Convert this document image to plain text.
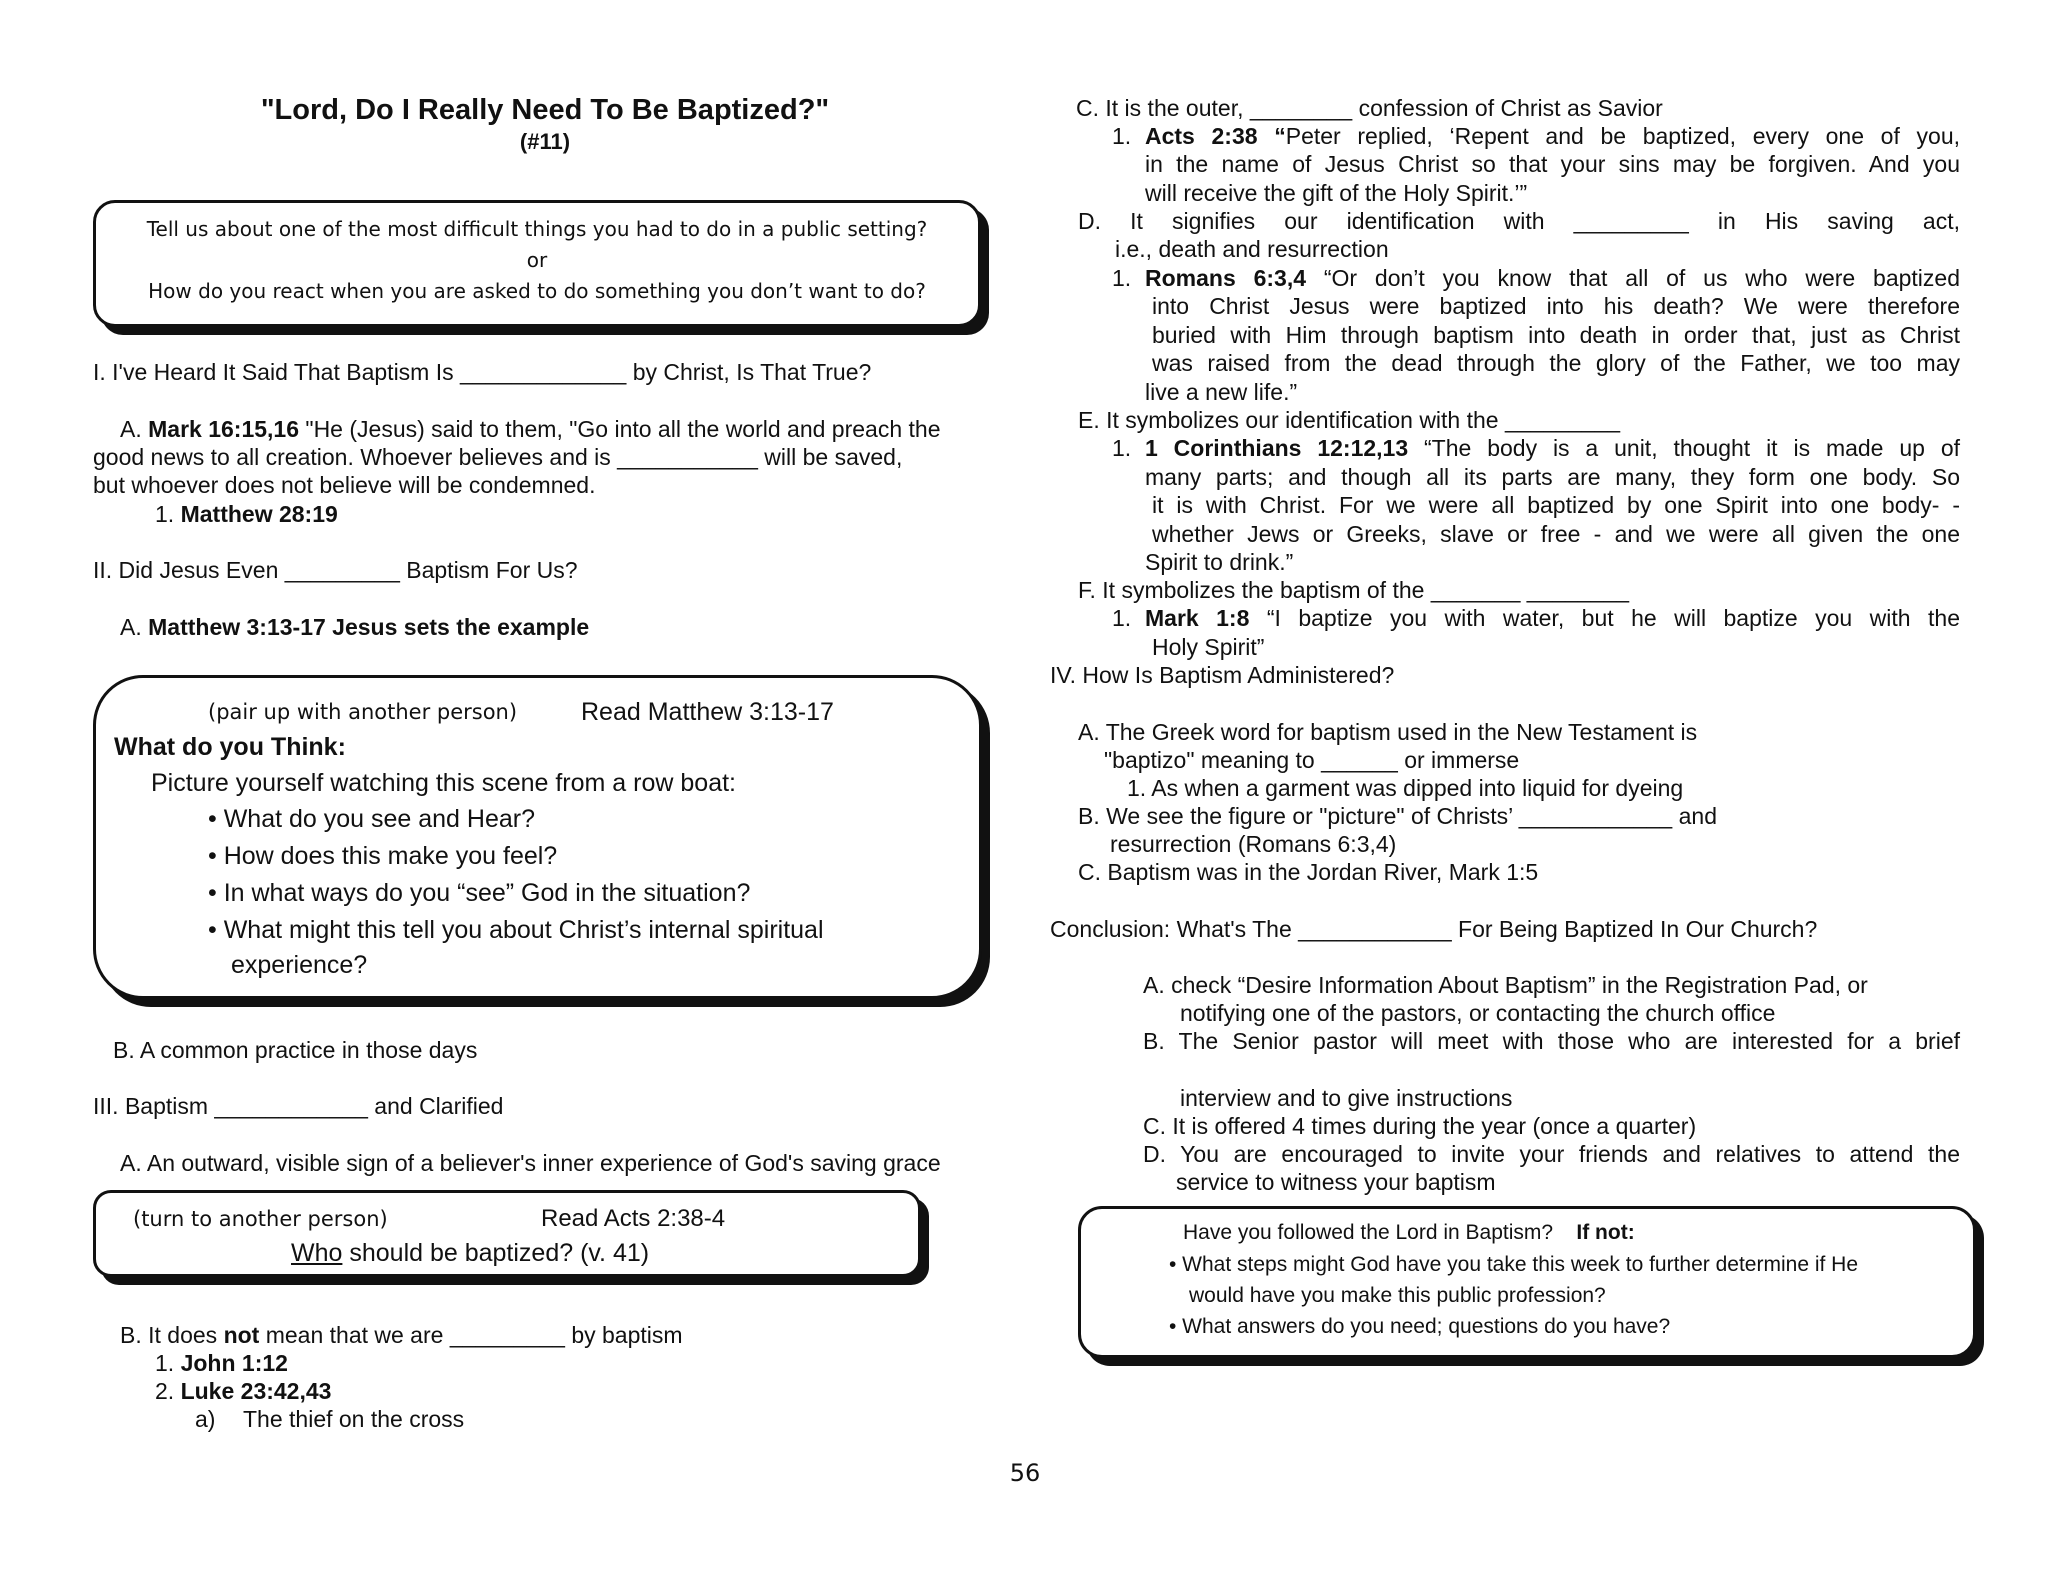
"Lord, Do I Really Need To Be Baptized?"
(#11)
Tell us about one of the most difficult things you had to do in a public setting?
or
How do you react when you are asked to do something you don’t want to do?
I. I've Heard It Said That Baptism Is _____________ by Christ, Is That True?
A. Mark 16:15,16 "He (Jesus) said to them, "Go into all the world and preach the
good news to all creation. Whoever believes and is ___________ will be saved,
but whoever does not believe will be condemned.
1. Matthew 28:19
II. Did Jesus Even _________ Baptism For Us?
A. Matthew 3:13-17 Jesus sets the example
(pair up with another person)	Read Matthew 3:13-17
What do you Think:
Picture yourself watching this scene from a row boat:
• What do you see and Hear?
• How does this make you feel?
• In what ways do you “see” God in the situation?
• What might this tell you about Christ’s internal spiritual
experience?
B. A common practice in those days
III. Baptism ____________ and Clarified
A. An outward, visible sign of a believer's inner experience of God's saving grace
(turn to another person)	Read Acts 2:38-4
Who should be baptized? (v. 41)
B. It does not mean that we are _________ by baptism
1. John 1:12
2. Luke 23:42,43
a) The thief on the cross
C. It is the outer, ________ confession of Christ as Savior
1. Acts 2:38 “Peter replied, ‘Repent and be baptized, every one of you,
in the name of Jesus Christ so that your sins may be forgiven. And you
will receive the gift of the Holy Spirit.’”
D. It signifies our identification with _________ in His saving act,
i.e., death and resurrection
1. Romans 6:3,4 “Or don’t you know that all of us who were baptized
into Christ Jesus were baptized into his death? We were therefore
buried with Him through baptism into death in order that, just as Christ
was raised from the dead through the glory of the Father, we too may
live a new life.”
E. It symbolizes our identification with the _________
1. 1 Corinthians 12:12,13 “The body is a unit, thought it is made up of
many parts; and though all its parts are many, they form one body. So
it is with Christ. For we were all baptized by one Spirit into one body- -
whether Jews or Greeks, slave or free - and we were all given the one
Spirit to drink.”
F. It symbolizes the baptism of the _______ ________
1. Mark 1:8 “I baptize you with water, but he will baptize you with the
Holy Spirit”
IV. How Is Baptism Administered?
A. The Greek word for baptism used in the New Testament is
"baptizo" meaning to ______ or immerse
1. As when a garment was dipped into liquid for dyeing
B. We see the figure or "picture" of Christs’ ____________ and
resurrection (Romans 6:3,4)
C. Baptism was in the Jordan River, Mark 1:5
Conclusion: What's The ____________ For Being Baptized In Our Church?
A. check “Desire Information About Baptism” in the Registration Pad, or
notifying one of the pastors, or contacting the church office
B. The Senior pastor will meet with those who are interested for a brief
interview and to give instructions
C. It is offered 4 times during the year (once a quarter)
D. You are encouraged to invite your friends and relatives to attend the
service to witness your baptism
Have you followed the Lord in Baptism? If not:
• What steps might God have you take this week to further determine if He
would have you make this public profession?
• What answers do you need; questions do you have?
56
